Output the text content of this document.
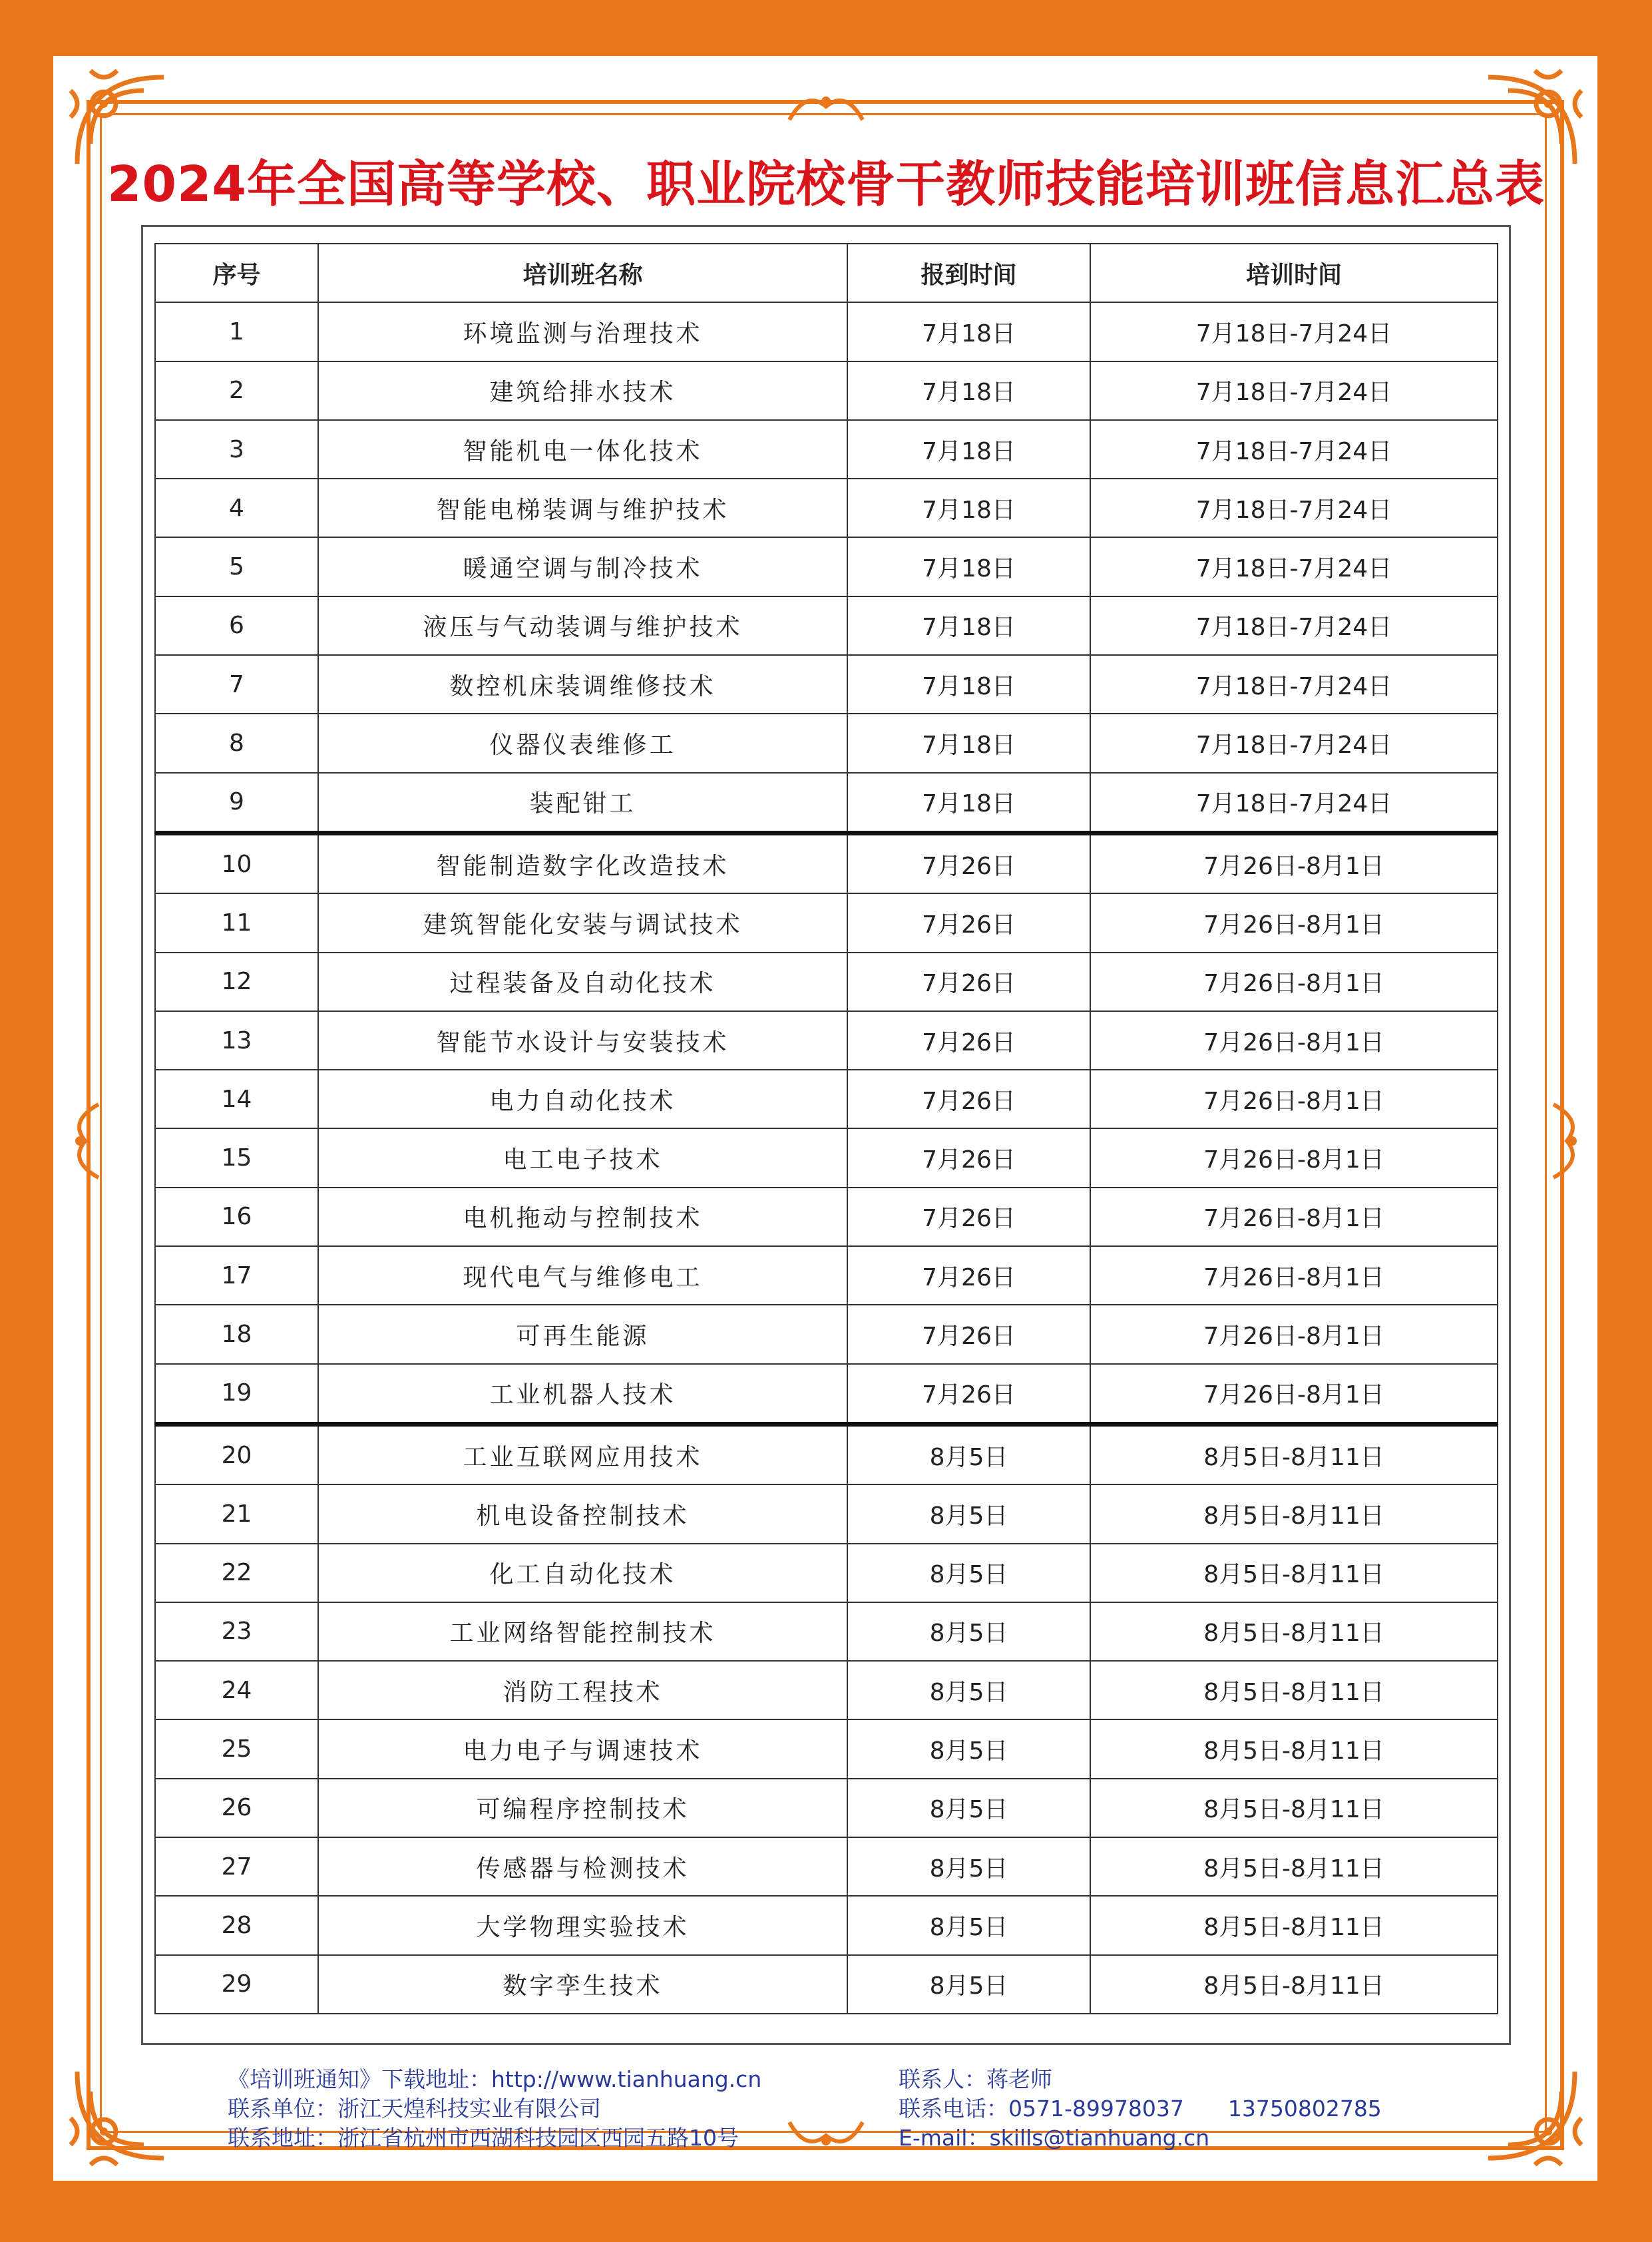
2024年全国高等学校、职业院校骨干教师技能培训班信息汇总表
序号	培训班名称	报到时间	培训时间
1	环境监测与治理技术	7月18日	7月18日-7月24日
2	建筑给排水技术	7月18日	7月18日-7月24日
3	智能机电一体化技术	7月18日	7月18日-7月24日
4	智能电梯装调与维护技术	7月18日	7月18日-7月24日
5	暖通空调与制冷技术	7月18日	7月18日-7月24日
6	液压与气动装调与维护技术	7月18日	7月18日-7月24日
7	数控机床装调维修技术	7月18日	7月18日-7月24日
8	仪器仪表维修工	7月18日	7月18日-7月24日
9	装配钳工	7月18日	7月18日-7月24日
10	智能制造数字化改造技术	7月26日	7月26日-8月1日
11	建筑智能化安装与调试技术	7月26日	7月26日-8月1日
12	过程装备及自动化技术	7月26日	7月26日-8月1日
13	智能节水设计与安装技术	7月26日	7月26日-8月1日
14	电力自动化技术	7月26日	7月26日-8月1日
15	电工电子技术	7月26日	7月26日-8月1日
16	电机拖动与控制技术	7月26日	7月26日-8月1日
17	现代电气与维修电工	7月26日	7月26日-8月1日
18	可再生能源	7月26日	7月26日-8月1日
19	工业机器人技术	7月26日	7月26日-8月1日
20	工业互联网应用技术	8月5日	8月5日-8月11日
21	机电设备控制技术	8月5日	8月5日-8月11日
22	化工自动化技术	8月5日	8月5日-8月11日
23	工业网络智能控制技术	8月5日	8月5日-8月11日
24	消防工程技术	8月5日	8月5日-8月11日
25	电力电子与调速技术	8月5日	8月5日-8月11日
26	可编程序控制技术	8月5日	8月5日-8月11日
27	传感器与检测技术	8月5日	8月5日-8月11日
28	大学物理实验技术	8月5日	8月5日-8月11日
29	数字孪生技术	8月5日	8月5日-8月11日
《培训班通知》下载地址：http://www.tianhuang.cn
联系单位：浙江天煌科技实业有限公司
联系地址：浙江省杭州市西湖科技园区西园五路10号
联系人：蒋老师
联系电话：0571-89978037　　13750802785
E-mail：skills@tianhuang.cn
